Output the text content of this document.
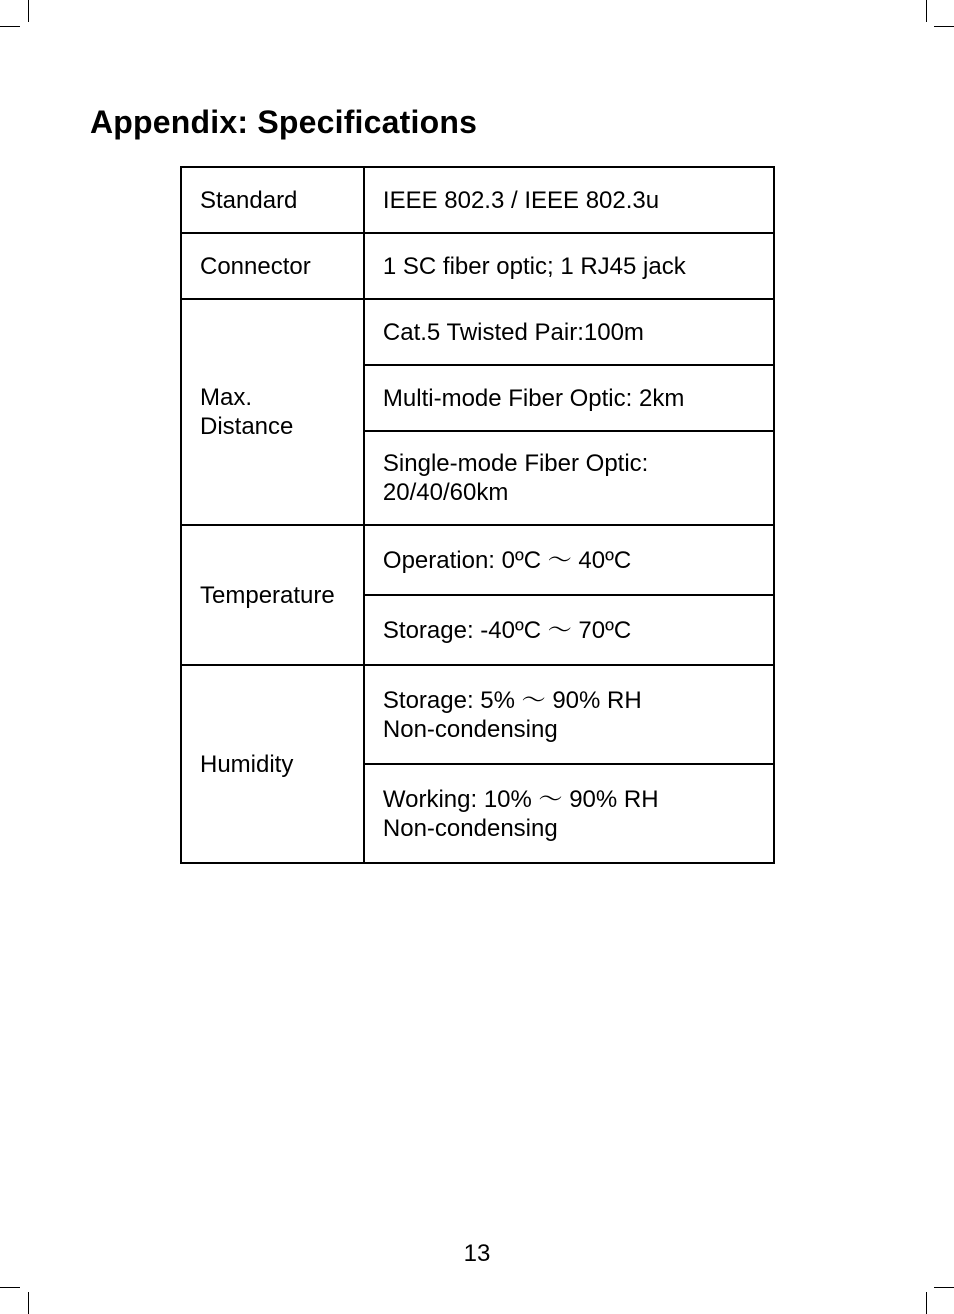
Appendix: Specifications
Standard	IEEE 802.3 / IEEE 802.3u
Connector	1 SC fiber optic; 1 RJ45 jack
Max.
Distance	Cat.5 Twisted Pair:100m
	Multi-mode Fiber Optic: 2km
	Single-mode Fiber Optic:
20/40/60km
Temperature	Operation: 0ºC ～ 40ºC
	Storage: -40ºC ～ 70ºC
Humidity	Storage: 5% ～ 90% RH
Non-condensing
	Working: 10% ～ 90% RH
Non-condensing
13
